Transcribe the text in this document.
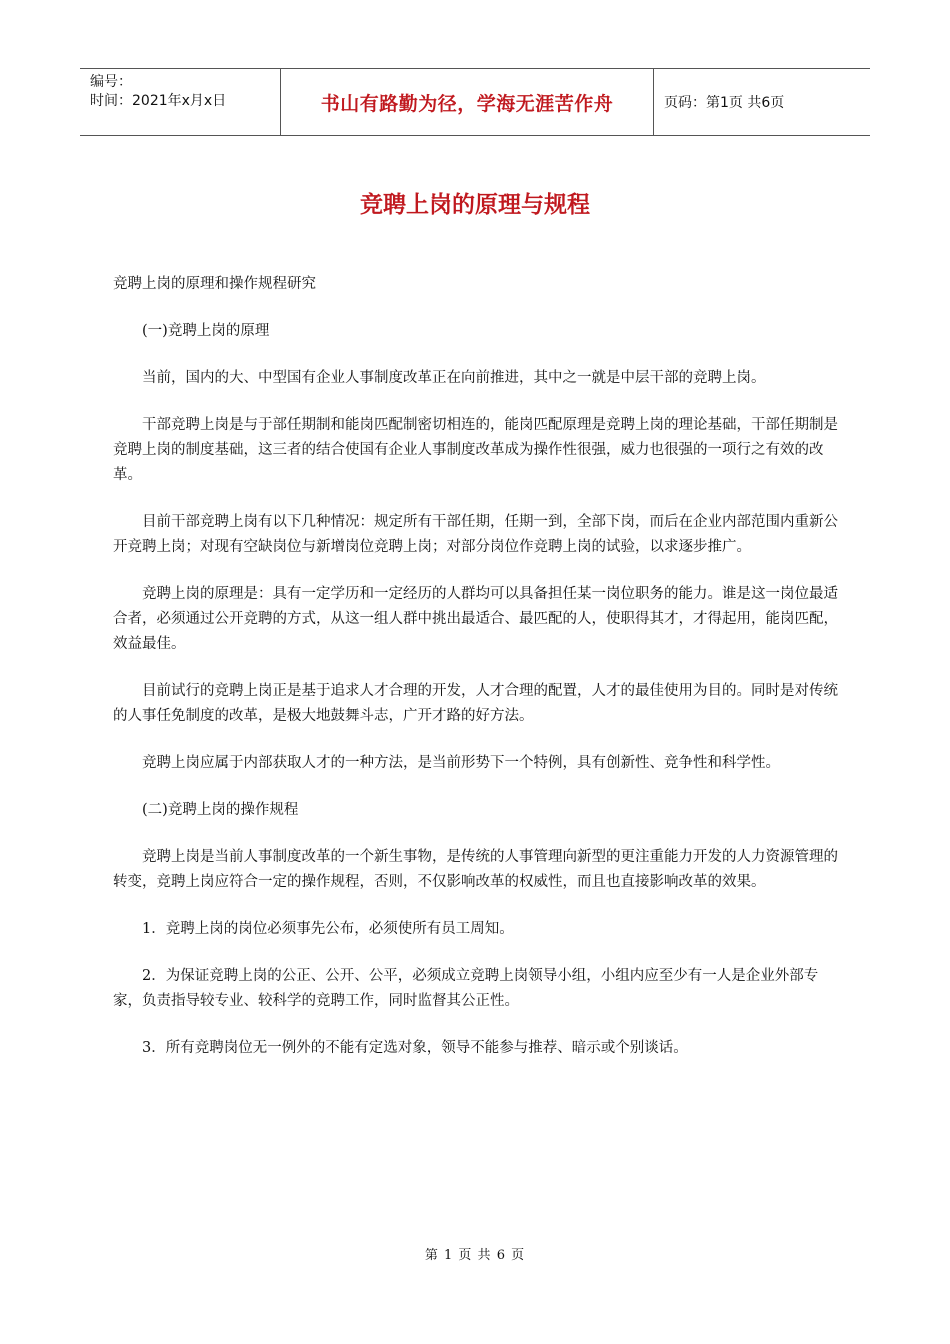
编号：
时间：2021年x月x日	书山有路勤为径，学海无涯苦作舟	页码：第1页 共6页
竞聘上岗的原理与规程

竞聘上岗的原理和操作规程研究

(一)竞聘上岗的原理

当前，国内的大、中型国有企业人事制度改革正在向前推进，其中之一就是中层干部的竞聘上岗。

干部竞聘上岗是与于部任期制和能岗匹配制密切相连的，能岗匹配原理是竞聘上岗的理论基础，干部任期制是竞聘上岗的制度基础，这三者的结合使国有企业人事制度改革成为操作性很强，威力也很强的一项行之有效的改革。

目前干部竞聘上岗有以下几种情况：规定所有干部任期，任期一到，全部下岗，而后在企业内部范围内重新公开竞聘上岗；对现有空缺岗位与新增岗位竞聘上岗；对部分岗位作竞聘上岗的试验，以求逐步推广。

竞聘上岗的原理是：具有一定学历和一定经历的人群均可以具备担任某一岗位职务的能力。谁是这一岗位最适合者，必须通过公开竞聘的方式，从这一组人群中挑出最适合、最匹配的人，使职得其才，才得起用，能岗匹配，效益最佳。

目前试行的竞聘上岗正是基于追求人才合理的开发，人才合理的配置，人才的最佳使用为目的。同时是对传统的人事任免制度的改革，是极大地鼓舞斗志，广开才路的好方法。

竞聘上岗应属于内部获取人才的一种方法，是当前形势下一个特例，具有创新性、竞争性和科学性。

(二)竞聘上岗的操作规程

竞聘上岗是当前人事制度改革的一个新生事物，是传统的人事管理向新型的更注重能力开发的人力资源管理的转变，竞聘上岗应符合一定的操作规程，否则，不仅影响改革的权威性，而且也直接影响改革的效果。

1．竞聘上岗的岗位必须事先公布，必须使所有员工周知。

2．为保证竞聘上岗的公正、公开、公平，必须成立竞聘上岗领导小组，小组内应至少有一人是企业外部专家，负责指导较专业、较科学的竞聘工作，同时监督其公正性。

3．所有竞聘岗位无一例外的不能有定选对象，领导不能参与推荐、暗示或个别谈话。

第 1 页 共 6 页
